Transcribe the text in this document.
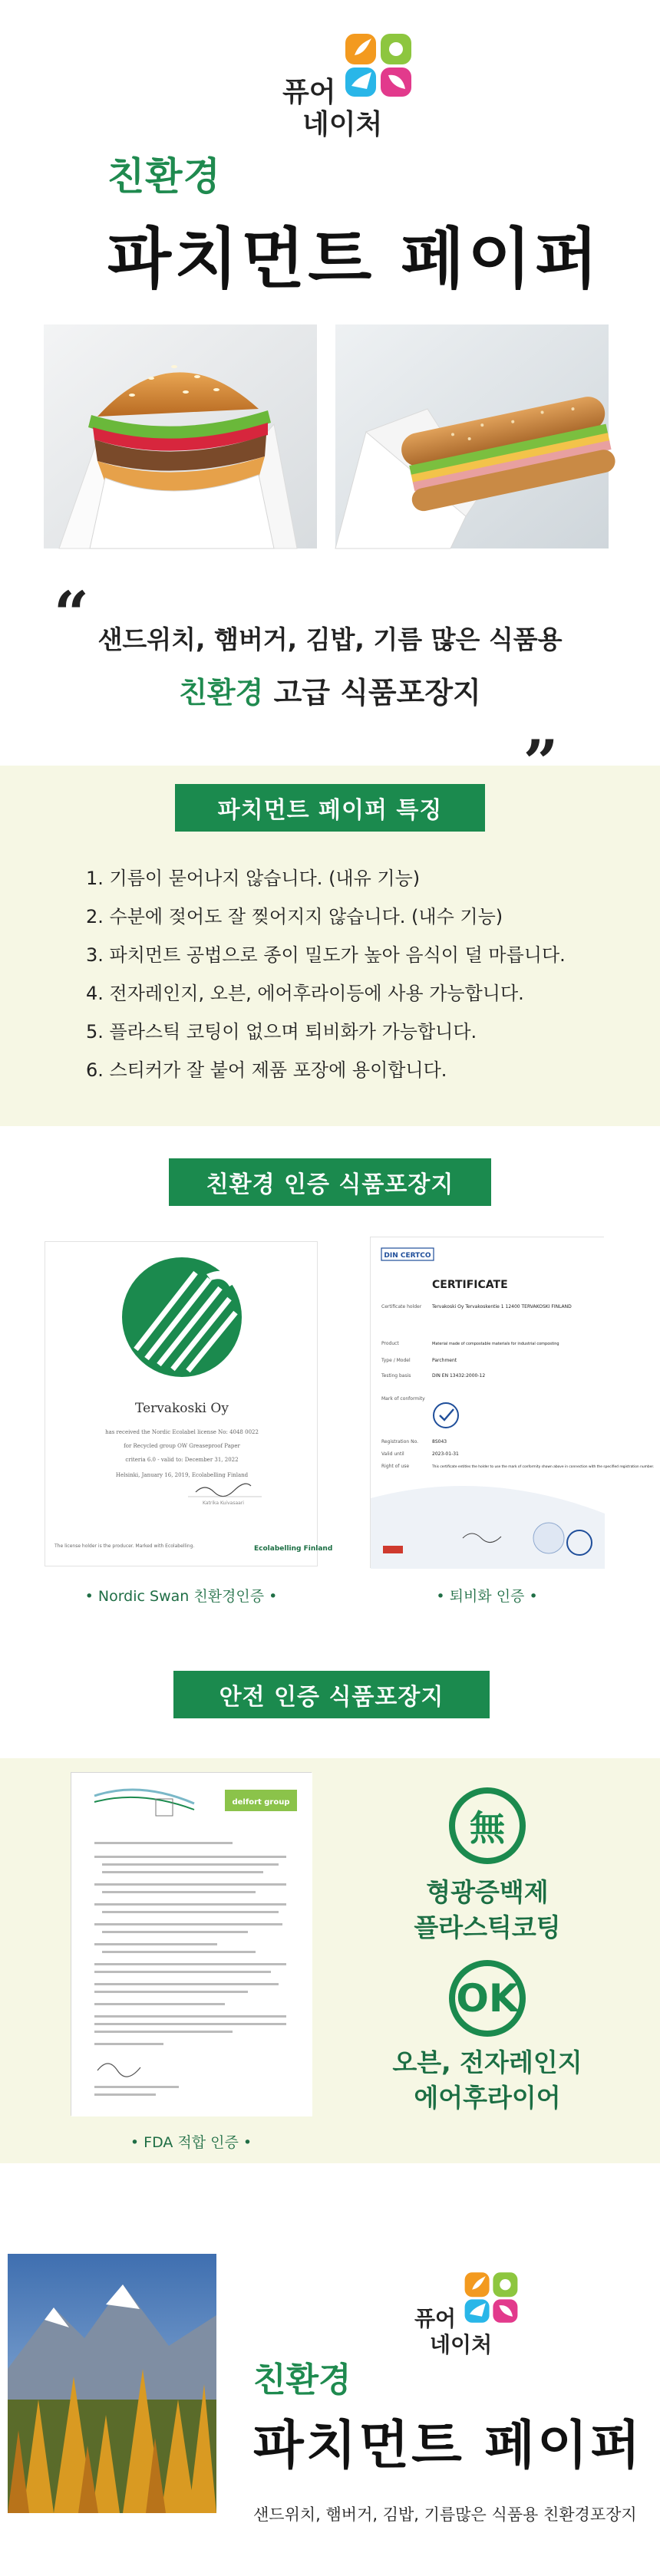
퓨어
네이처
친환경
파치먼트 페이퍼
“ 샌드위치, 햄버거, 김밥, 기름 많은 식품용
친환경 고급 식품포장지 „
파치먼트 페이퍼 특징
1. 기름이 묻어나지 않습니다. (내유 기능)
2. 수분에 젖어도 잘 찢어지지 않습니다. (내수 기능)
3. 파치먼트 공법으로 종이 밀도가 높아 음식이 덜 마릅니다.
4. 전자레인지, 오븐, 에어후라이등에 사용 가능합니다.
5. 플라스틱 코팅이 없으며 퇴비화가 가능합니다.
6. 스티커가 잘 붙어 제품 포장에 용이합니다.
친환경 인증 식품포장지
Tervakoski Oy
has received the Nordic Ecolabel license No: 4048 0022
for Recycled group OW Greaseproof Paper
criteria 6.0 - valid to: December 31, 2022
Helsinki, January 16, 2019, Ecolabelling Finland
Katrika Kuivasaari
The license holder is the producer. Marked with Ecolabelling.	Ecolabelling Finland
DIN CERTCO
CERTIFICATE
Certificate holder Tervakoski Oy Tervakoskentie 1 12400 TERVAKOSKI FINLAND
Product	Material made of compostable materials for industrial composting
Type / Model	Parchment
Testing basis	DIN EN 13432:2000-12
Mark of conformity
Registration No.	8S043
Valid until	2023-01-31
Right of use	This certificate entitles the holder to use the mark of conformity shown above in connection with the specified registration number.
• Nordic Swan 친환경인증 •	• 퇴비화 인증 •
안전 인증 식품포장지
delfort group
• FDA 적합 인증 •
無
형광증백제
플라스틱코팅
OK
오븐, 전자레인지
에어후라이어
퓨어
네이처
친환경
파치먼트 페이퍼
샌드위치, 햄버거, 김밥, 기름많은 식품용 친환경포장지
